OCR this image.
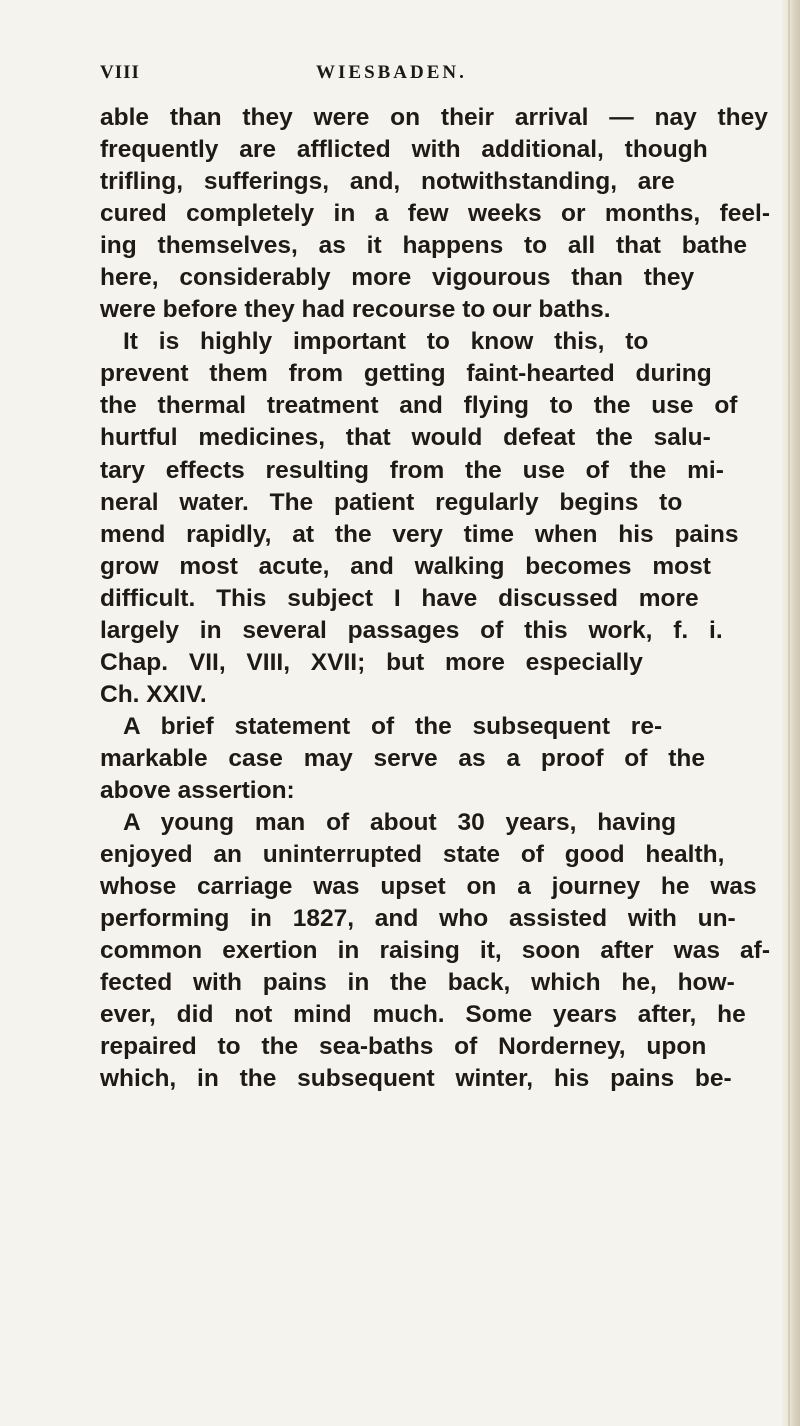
VIII	WIESBADEN.
able than they were on their arrival — nay they
frequently are afflicted with additional, though
trifling, sufferings, and, notwithstanding, are
cured completely in a few weeks or months, feel-
ing themselves, as it happens to all that bathe
here, considerably more vigourous than they
were before they had recourse to our baths.
It is highly important to know this, to
prevent them from getting faint-hearted during
the thermal treatment and flying to the use of
hurtful medicines, that would defeat the salu-
tary effects resulting from the use of the mi-
neral water. The patient regularly begins to
mend rapidly, at the very time when his pains
grow most acute, and walking becomes most
difficult. This subject I have discussed more
largely in several passages of this work, f. i.
Chap. VII, VIII, XVII; but more especially
Ch. XXIV.
A brief statement of the subsequent re-
markable case may serve as a proof of the
above assertion:
A young man of about 30 years, having
enjoyed an uninterrupted state of good health,
whose carriage was upset on a journey he was
performing in 1827, and who assisted with un-
common exertion in raising it, soon after was af-
fected with pains in the back, which he, how-
ever, did not mind much. Some years after, he
repaired to the sea-baths of Norderney, upon
which, in the subsequent winter, his pains be-
